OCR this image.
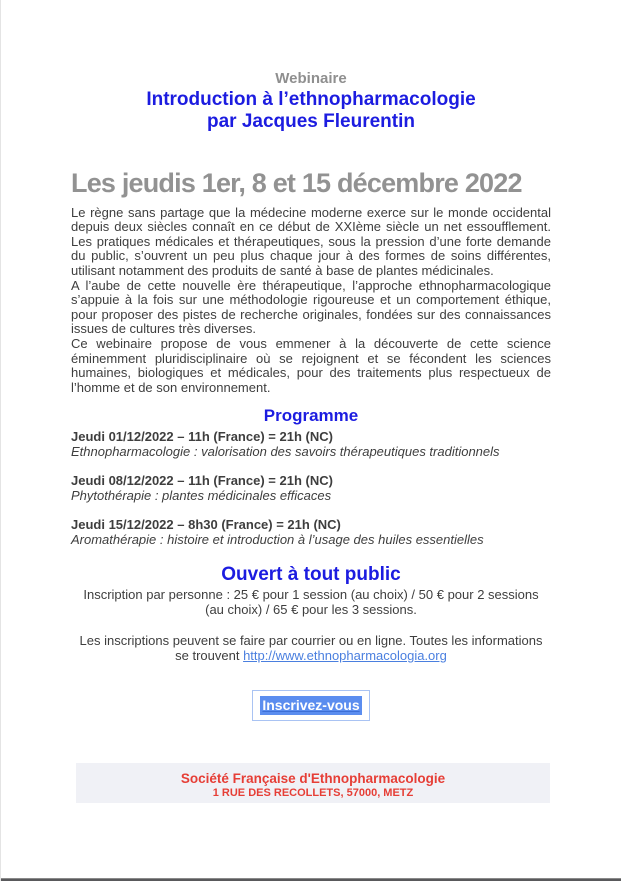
Webinaire
Introduction à l’ethnopharmacologie
par Jacques Fleurentin
Les jeudis 1er, 8 et 15 décembre 2022

Le règne sans partage que la médecine moderne exerce sur le monde occidental depuis deux siècles connaît en ce début de XXIème siècle un net essoufflement. Les pratiques médicales et thérapeutiques, sous la pression d’une forte demande du public, s’ouvrent un peu plus chaque jour à des formes de soins différentes, utilisant notamment des produits de santé à base de plantes médicinales.

A l’aube de cette nouvelle ère thérapeutique, l’approche ethnopharmacologique s’appuie à la fois sur une méthodologie rigoureuse et un comportement éthique, pour proposer des pistes de recherche originales, fondées sur des connaissances issues de cultures très diverses.

Ce webinaire propose de vous emmener à la découverte de cette science éminemment pluridisciplinaire où se rejoignent et se fécondent les sciences humaines, biologiques et médicales, pour des traitements plus respectueux de l’homme et de son environnement.

Programme
Jeudi 01/12/2022 – 11h (France) = 21h (NC)
Ethnopharmacologie : valorisation des savoirs thérapeutiques traditionnels
Jeudi 08/12/2022 – 11h (France) = 21h (NC)
Phytothérapie : plantes médicinales efficaces
Jeudi 15/12/2022 – 8h30 (France) = 21h (NC)
Aromathérapie : histoire et introduction à l’usage des huiles essentielles
Ouvert à tout public
Inscription par personne : 25 € pour 1 session (au choix) / 50 € pour 2 sessions (au choix) / 65 € pour les 3 sessions.
Les inscriptions peuvent se faire par courrier ou en ligne. Toutes les informations se trouvent http://www.ethnopharmacologia.org
Inscrivez-vous
Société Française d'Ethnopharmacologie
1 RUE DES RECOLLETS, 57000, METZ
